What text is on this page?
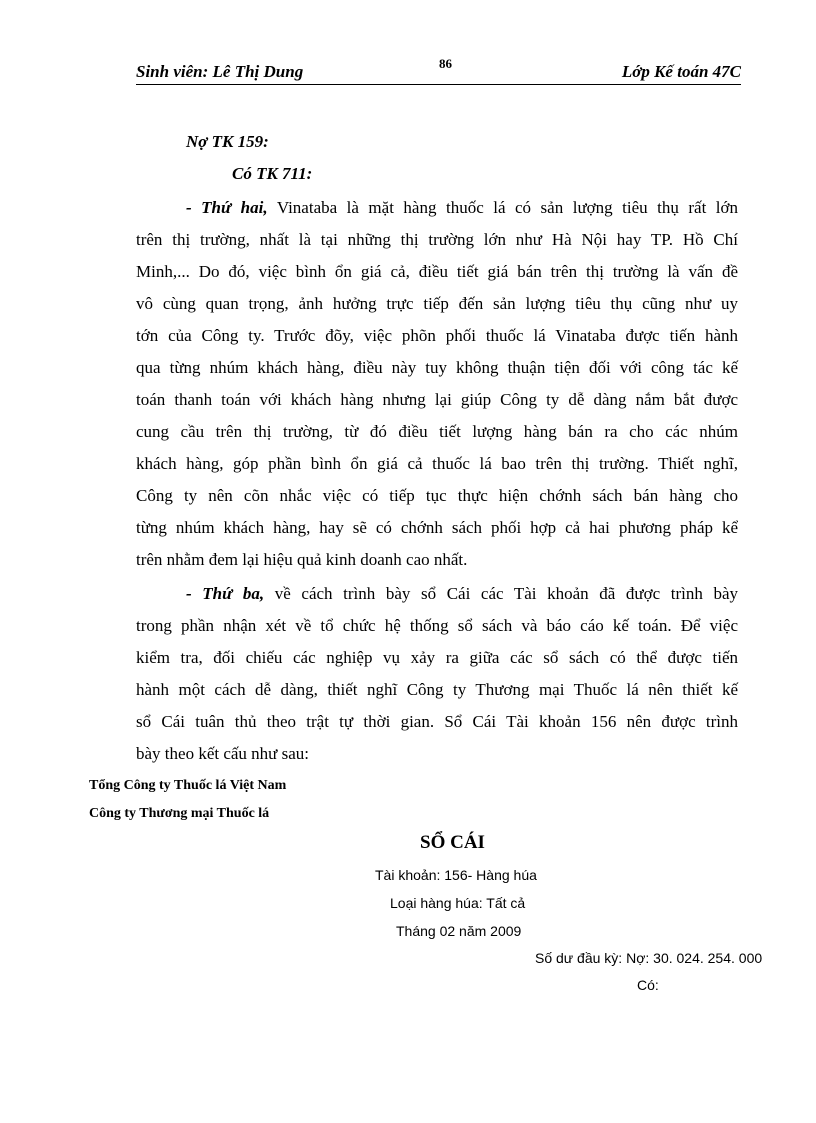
Sinh viên: Lê Thị Dung	86	Lớp Kế toán 47C
Nợ TK 159:
Có TK 711:
- Thứ hai, Vinataba là mặt hàng thuốc lá có sản lượng tiêu thụ rất lớn
trên thị trường, nhất là tại những thị trường lớn như Hà Nội hay TP. Hồ Chí
Minh,... Do đó, việc bình ổn giá cả, điều tiết giá bán trên thị trường là vấn đề
vô cùng quan trọng, ảnh hưởng trực tiếp đến sản lượng tiêu thụ cũng như uy
tớn của Công ty. Trước đõy, việc phõn phối thuốc lá Vinataba được tiến hành
qua từng nhúm khách hàng, điều này tuy không thuận tiện đối với công tác kế
toán thanh toán với khách hàng nhưng lại giúp Công ty dễ dàng nắm bắt được
cung cầu trên thị trường, từ đó điều tiết lượng hàng bán ra cho các nhúm
khách hàng, góp phần bình ổn giá cả thuốc lá bao trên thị trường. Thiết nghĩ,
Công ty nên cõn nhắc việc có tiếp tục thực hiện chớnh sách bán hàng cho
từng nhúm khách hàng, hay sẽ có chớnh sách phối hợp cả hai phương pháp kể
trên nhằm đem lại hiệu quả kinh doanh cao nhất.
- Thứ ba, về cách trình bày sổ Cái các Tài khoản đã được trình bày
trong phần nhận xét về tổ chức hệ thống sổ sách và báo cáo kế toán. Để việc
kiểm tra, đối chiếu các nghiệp vụ xảy ra giữa các sổ sách có thể được tiến
hành một cách dễ dàng, thiết nghĩ Công ty Thương mại Thuốc lá nên thiết kế
sổ Cái tuân thủ theo trật tự thời gian. Sổ Cái Tài khoản 156 nên được trình
bày theo kết cấu như sau:
Tổng Công ty Thuốc lá Việt Nam
Công ty Thương mại Thuốc lá
SỔ CÁI
Tài khoản: 156- Hàng húa
Loại hàng húa: Tất cả
Tháng 02 năm 2009
Số dư đầu kỳ: Nợ: 30. 024. 254. 000
Có:
